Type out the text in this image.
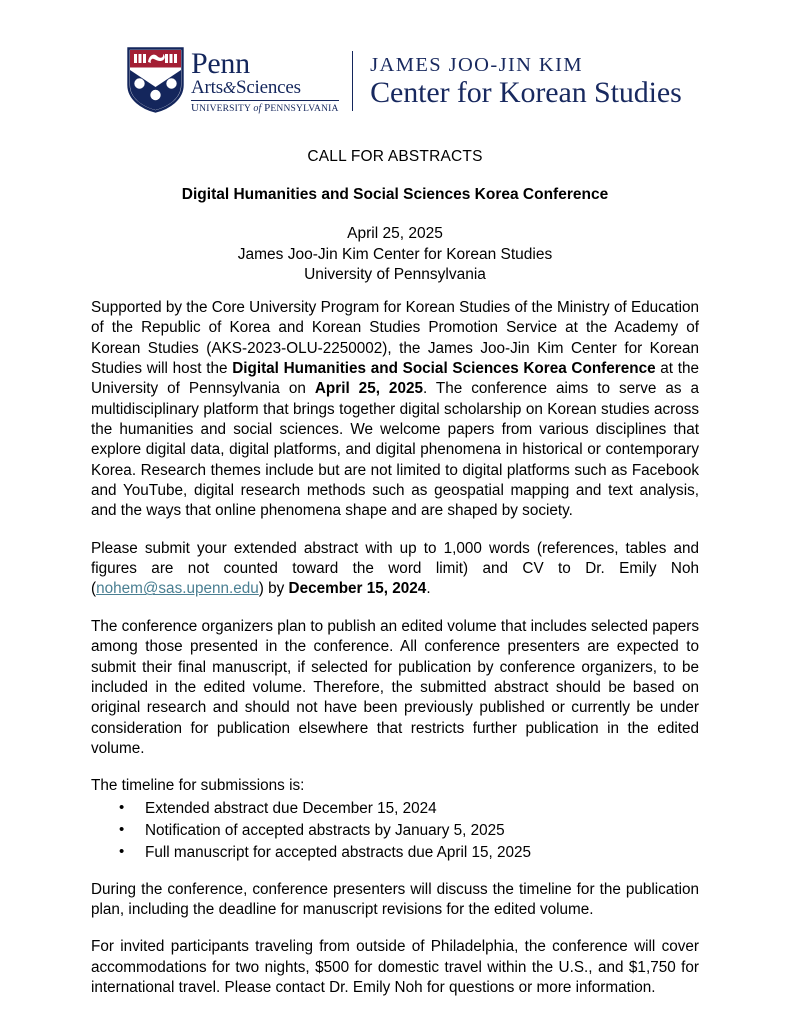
Penn
Arts&Sciences
UNIVERSITY of PENNSYLVANIA
JAMES JOO-JIN KIM
Center for Korean Studies
CALL FOR ABSTRACTS
Digital Humanities and Social Sciences Korea Conference
April 25, 2025
James Joo-Jin Kim Center for Korean Studies
University of Pennsylvania

Supported by the Core University Program for Korean Studies of the Ministry of Education of the Republic of Korea and Korean Studies Promotion Service at the Academy of Korean Studies (AKS-2023-OLU-2250002), the James Joo-Jin Kim Center for Korean Studies will host the Digital Humanities and Social Sciences Korea Conference at the University of Pennsylvania on April 25, 2025. The conference aims to serve as a multidisciplinary platform that brings together digital scholarship on Korean studies across the humanities and social sciences. We welcome papers from various disciplines that explore digital data, digital platforms, and digital phenomena in historical or contemporary Korea. Research themes include but are not limited to digital platforms such as Facebook and YouTube, digital research methods such as geospatial mapping and text analysis, and the ways that online phenomena shape and are shaped by society.

Please submit your extended abstract with up to 1,000 words (references, tables and figures are not counted toward the word limit) and CV to Dr. Emily Noh (nohem@sas.upenn.edu) by December 15, 2024.

The conference organizers plan to publish an edited volume that includes selected papers among those presented in the conference. All conference presenters are expected to submit their final manuscript, if selected for publication by conference organizers, to be included in the edited volume. Therefore, the submitted abstract should be based on original research and should not have been previously published or currently be under consideration for publication elsewhere that restricts further publication in the edited volume.

The timeline for submissions is:

• Extended abstract due December 15, 2024
• Notification of accepted abstracts by January 5, 2025
• Full manuscript for accepted abstracts due April 15, 2025

During the conference, conference presenters will discuss the timeline for the publication plan, including the deadline for manuscript revisions for the edited volume.

For invited participants traveling from outside of Philadelphia, the conference will cover accommodations for two nights, $500 for domestic travel within the U.S., and $1,750 for international travel. Please contact Dr. Emily Noh for questions or more information.
